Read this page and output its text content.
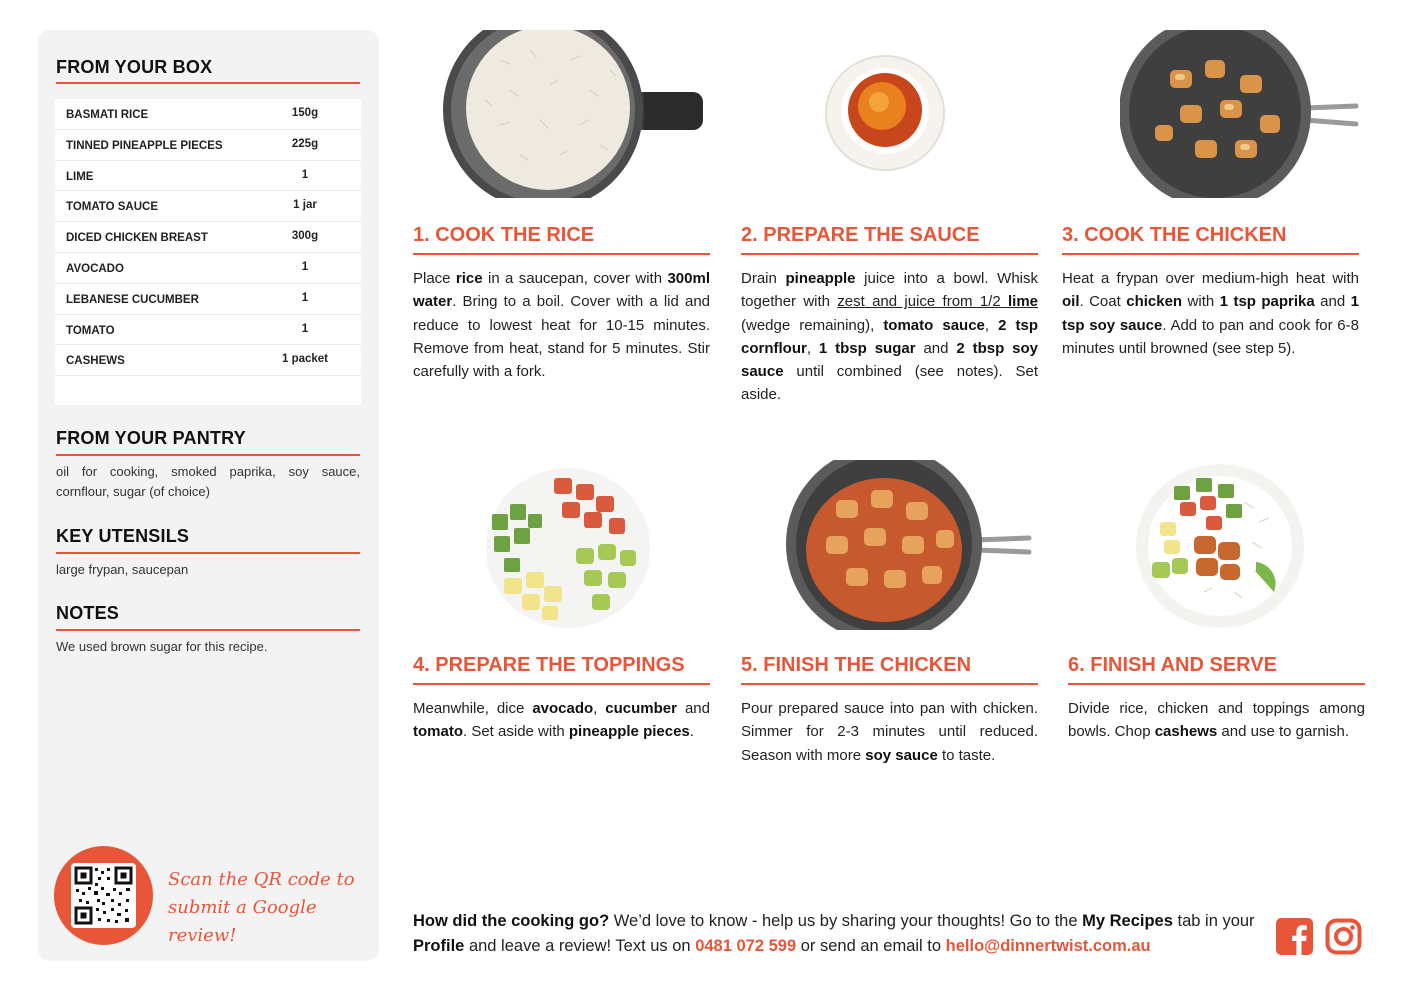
FROM YOUR BOX
BASMATI RICE	150g
TINNED PINEAPPLE PIECES	225g
LIME	1
TOMATO SAUCE	1 jar
DICED CHICKEN BREAST	300g
AVOCADO	1
LEBANESE CUCUMBER	1
TOMATO	1
CASHEWS	1 packet
FROM YOUR PANTRY
oil for cooking, smoked paprika, soy sauce, cornflour, sugar (of choice)
KEY UTENSILS
large frypan, saucepan
NOTES
We used brown sugar for this recipe.
Scan the QR code to
submit a Google review!
1. COOK THE RICE
Place rice in a saucepan, cover with 300ml water. Bring to a boil. Cover with a lid and reduce to lowest heat for 10-15 minutes. Remove from heat, stand for 5 minutes. Stir carefully with a fork.
2. PREPARE THE SAUCE
Drain pineapple juice into a bowl. Whisk together with zest and juice from 1/2 lime (wedge remaining), tomato sauce, 2 tsp cornflour, 1 tbsp sugar and 2 tbsp soy sauce until combined (see notes). Set aside.
3. COOK THE CHICKEN
Heat a frypan over medium-high heat with oil. Coat chicken with 1 tsp paprika and 1 tsp soy sauce. Add to pan and cook for 6-8 minutes until browned (see step 5).
4. PREPARE THE TOPPINGS
Meanwhile, dice avocado, cucumber and tomato. Set aside with pineapple pieces.
5. FINISH THE CHICKEN
Pour prepared sauce into pan with chicken. Simmer for 2-3 minutes until reduced. Season with more soy sauce to taste.
6. FINISH AND SERVE
Divide rice, chicken and toppings among bowls. Chop cashews and use to garnish.
How did the cooking go? We’d love to know - help us by sharing your thoughts! Go to the My Recipes tab in your Profile and leave a review! Text us on 0481 072 599 or send an email to hello@dinnertwist.com.au
